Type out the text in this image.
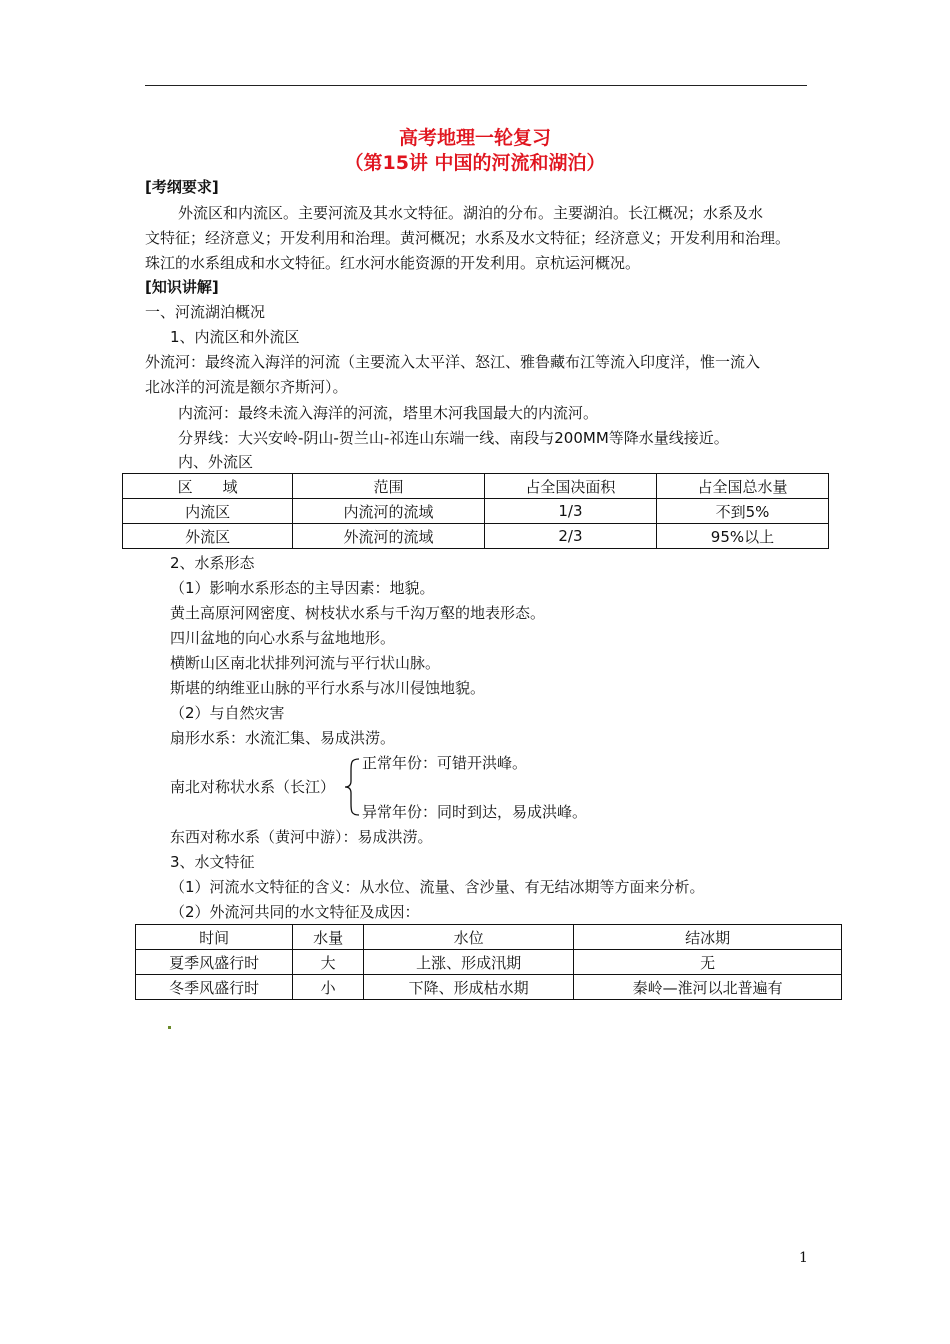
高考地理一轮复习
（第15讲 中国的河流和湖泊）
[考纲要求]
外流区和内流区。主要河流及其水文特征。湖泊的分布。主要湖泊。长江概况；水系及水
文特征；经济意义；开发利用和治理。黄河概况；水系及水文特征；经济意义；开发利用和治理。
珠江的水系组成和水文特征。红水河水能资源的开发利用。京杭运河概况。
[知识讲解]
一、河流湖泊概况
1、内流区和外流区
外流河：最终流入海洋的河流（主要流入太平洋、怒江、雅鲁藏布江等流入印度洋，惟一流入
北冰洋的河流是额尔齐斯河）。
内流河：最终未流入海洋的河流，塔里木河我国最大的内流河。
分界线：大兴安岭-阴山-贺兰山-祁连山东端一线、南段与200MM等降水量线接近。
内、外流区
区　　域	范围	占全国决面积	占全国总水量
内流区	内流河的流域	1/3	不到5%
外流区	外流河的流域	2/3	95%以上
2、水系形态
（1）影响水系形态的主导因素：地貌。
黄土高原河网密度、树枝状水系与千沟万壑的地表形态。
四川盆地的向心水系与盆地地形。
横断山区南北状排列河流与平行状山脉。
斯堪的纳维亚山脉的平行水系与冰川侵蚀地貌。
（2）与自然灾害
扇形水系：水流汇集、易成洪涝。
南北对称状水系（长江）
正常年份：可错开洪峰。
异常年份：同时到达，易成洪峰。
东西对称水系（黄河中游）：易成洪涝。
3、水文特征
（1）河流水文特征的含义：从水位、流量、含沙量、有无结冰期等方面来分析。
（2）外流河共同的水文特征及成因：
时间	水量	水位	结冰期
夏季风盛行时	大	上涨、形成汛期	无
冬季风盛行时	小	下降、形成枯水期	秦岭—淮河以北普遍有
1
